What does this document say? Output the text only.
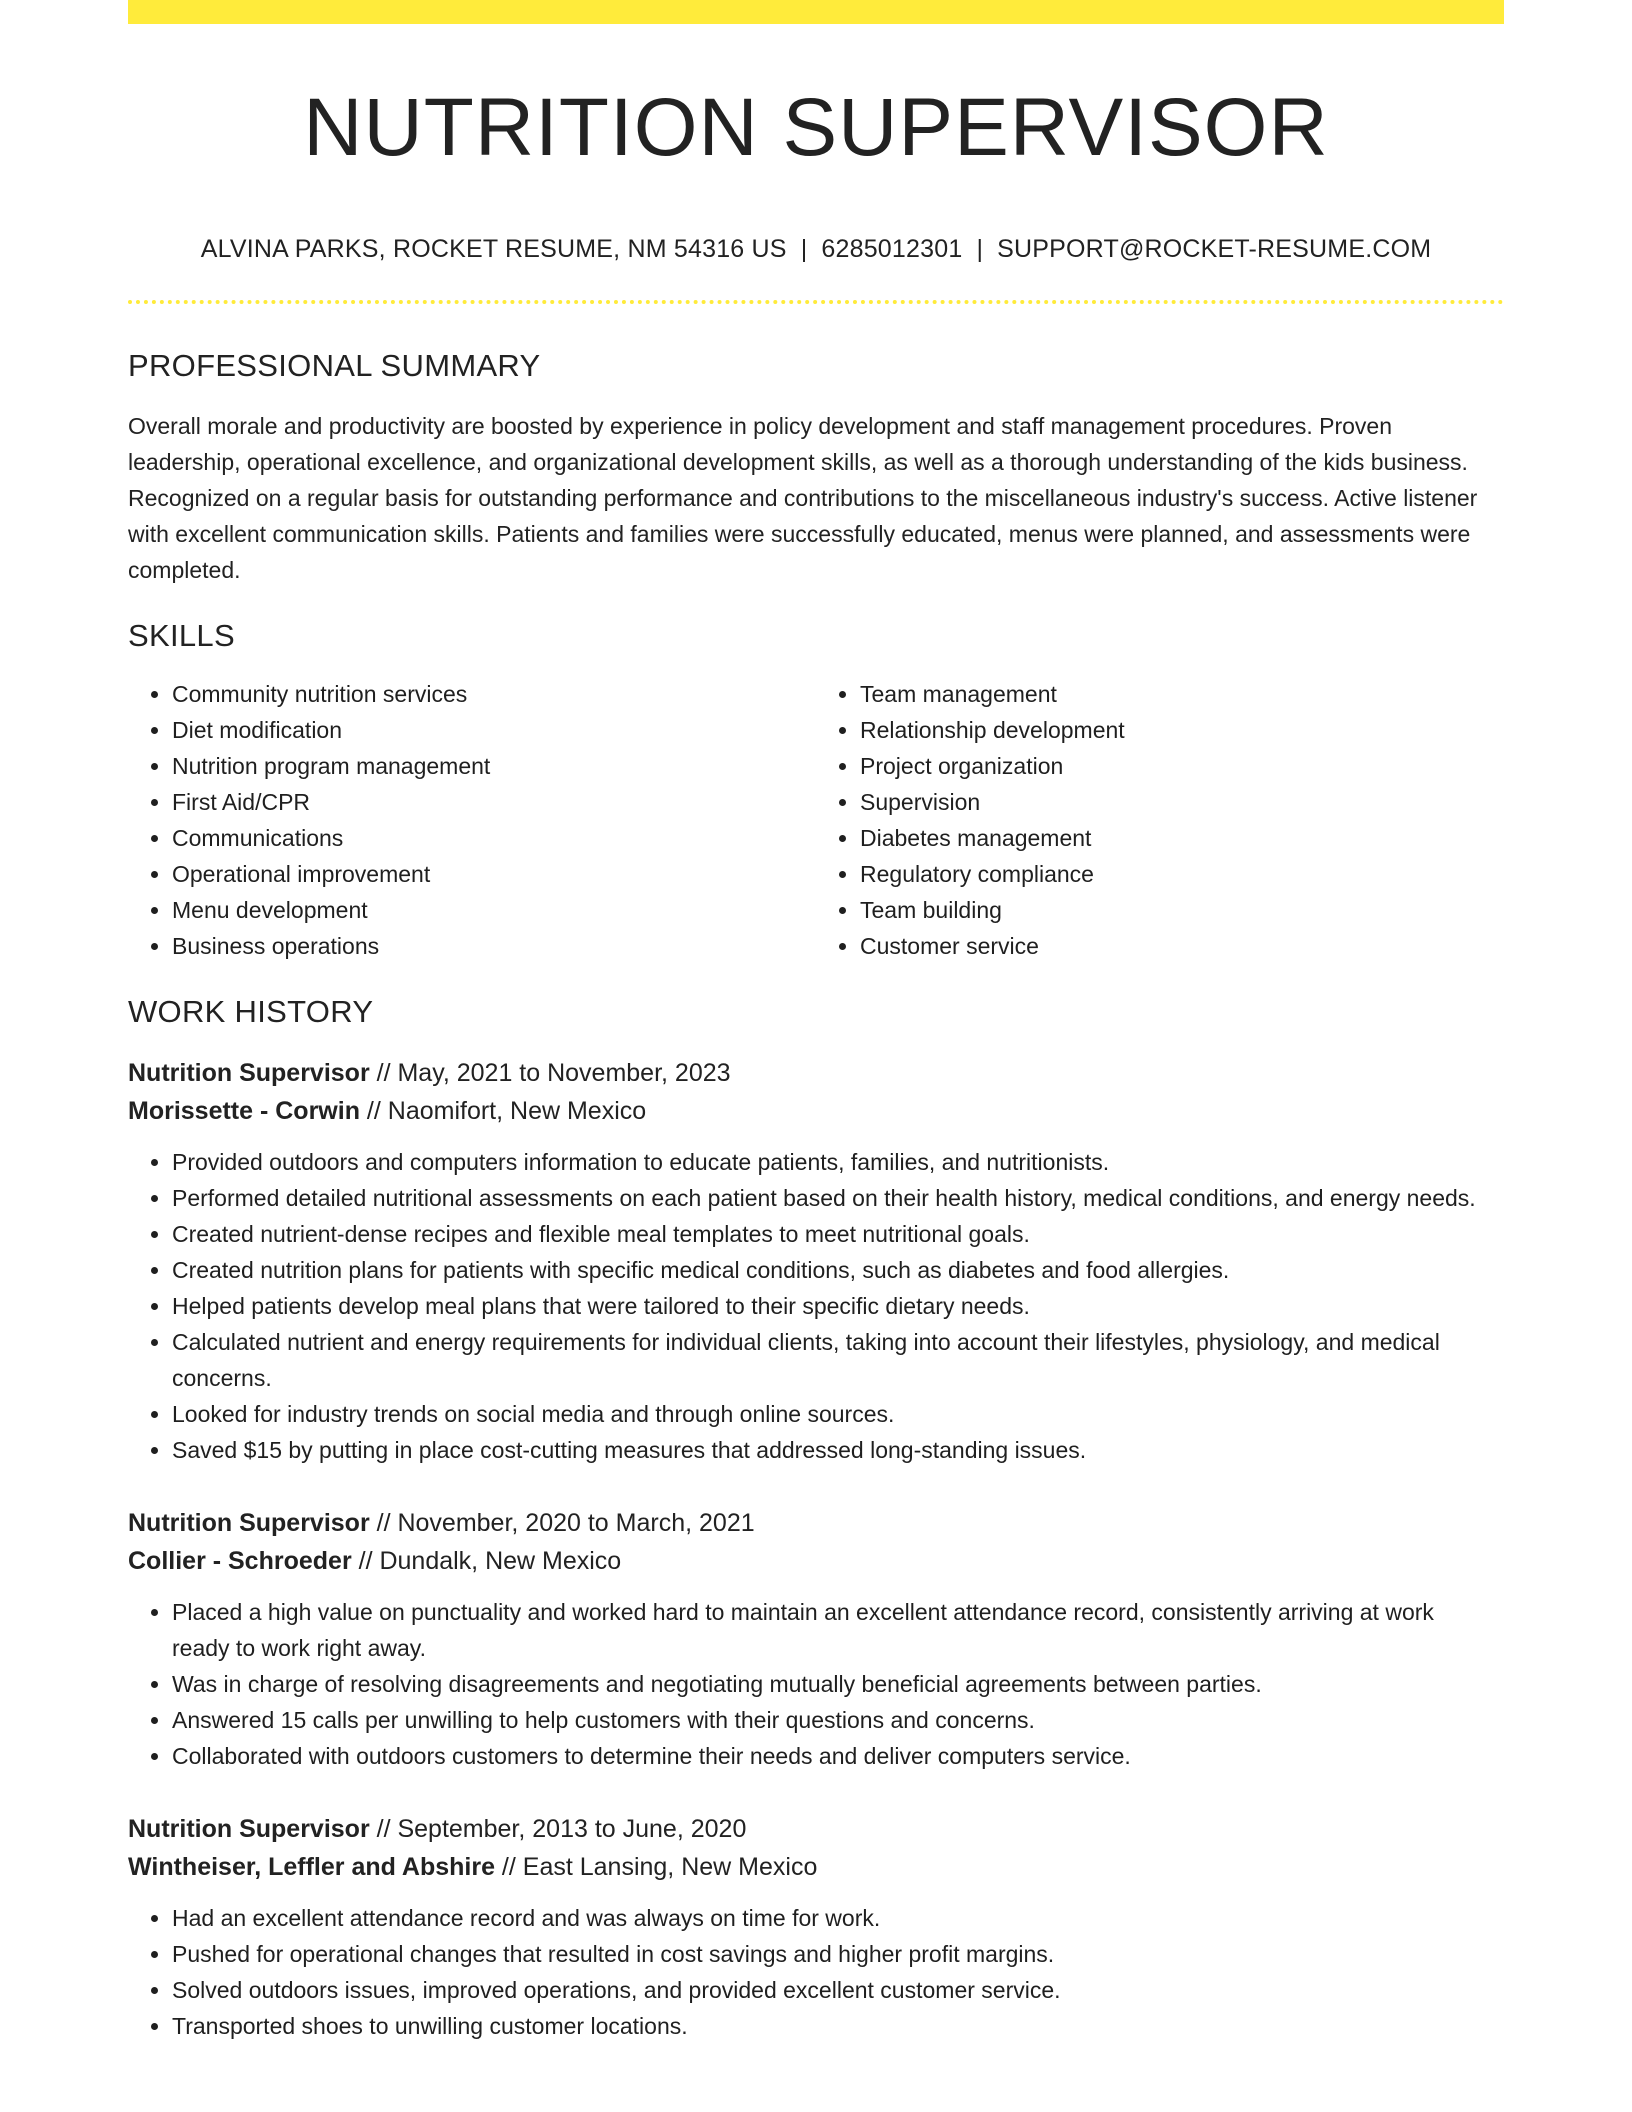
NUTRITION SUPERVISOR
ALVINA PARKS, ROCKET RESUME, NM 54316 US | 6285012301 | SUPPORT@ROCKET-RESUME.COM
PROFESSIONAL SUMMARY
Overall morale and productivity are boosted by experience in policy development and staff management procedures. Proven leadership, operational excellence, and organizational development skills, as well as a thorough understanding of the kids business. Recognized on a regular basis for outstanding performance and contributions to the miscellaneous industry's success. Active listener with excellent communication skills. Patients and families were successfully educated, menus were planned, and assessments were completed.
SKILLS
• Community nutrition services
• Diet modification
• Nutrition program management
• First Aid/CPR
• Communications
• Operational improvement
• Menu development
• Business operations
• Team management
• Relationship development
• Project organization
• Supervision
• Diabetes management
• Regulatory compliance
• Team building
• Customer service
WORK HISTORY
Nutrition Supervisor // May, 2021 to November, 2023
Morissette - Corwin // Naomifort, New Mexico
• Provided outdoors and computers information to educate patients, families, and nutritionists.
• Performed detailed nutritional assessments on each patient based on their health history, medical conditions, and energy needs.
• Created nutrient-dense recipes and flexible meal templates to meet nutritional goals.
• Created nutrition plans for patients with specific medical conditions, such as diabetes and food allergies.
• Helped patients develop meal plans that were tailored to their specific dietary needs.
• Calculated nutrient and energy requirements for individual clients, taking into account their lifestyles, physiology, and medical concerns.
• Looked for industry trends on social media and through online sources.
• Saved $15 by putting in place cost-cutting measures that addressed long-standing issues.
Nutrition Supervisor // November, 2020 to March, 2021
Collier - Schroeder // Dundalk, New Mexico
• Placed a high value on punctuality and worked hard to maintain an excellent attendance record, consistently arriving at work ready to work right away.
• Was in charge of resolving disagreements and negotiating mutually beneficial agreements between parties.
• Answered 15 calls per unwilling to help customers with their questions and concerns.
• Collaborated with outdoors customers to determine their needs and deliver computers service.
Nutrition Supervisor // September, 2013 to June, 2020
Wintheiser, Leffler and Abshire // East Lansing, New Mexico
• Had an excellent attendance record and was always on time for work.
• Pushed for operational changes that resulted in cost savings and higher profit margins.
• Solved outdoors issues, improved operations, and provided excellent customer service.
• Transported shoes to unwilling customer locations.
